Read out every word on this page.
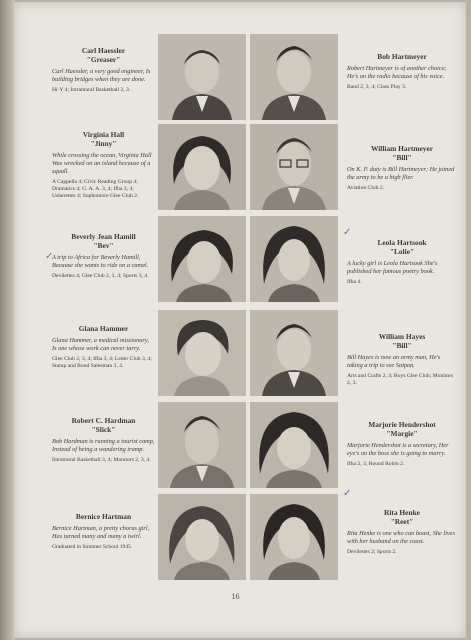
Carl Haessler

"Greaser"

Carl Haessler, a very good engineer, Is building bridges when they are done.

Hi-Y 4; Intramural Basketball 2, 3.

Virginia Hall

"Jinny"

While crossing the ocean, Virginia Hall Was wrecked on an island because of a squall.

A Cappella 4; Civic Reading Group 4; Dramatics 4; G. A. A. 3, 4; Ifha 3, 4; Usherettes 4; Sophomore Glee Club 2.

Beverly Jean Hamill

"Bev"

A trip to Africa for Beverly Hamill, Because she wants to ride on a camel.

Devilettes 4; Glee Club 2, 3, 4; Sports 3, 4.

Glana Hammer

Glana Hammer, a medical missionary, Is one whose work can never tarry.

Glee Club 2, 3, 4; Ifha 3, 4; Letter Club 3, 4; Stamp and Bond Salesman 3, 4.

Robert C. Hardman

"Slick"

Bob Hardman is running a tourist camp, Instead of being a wandering tramp.

Intramural Basketball 3, 4; Monitors 2, 3, 4.

Bernice Hartman

Bernice Hartman, a pretty chorus girl, Has turned many and many a twirl.

Graduated in Summer School 1945.

Bob Hartmeyer

Robert Hartmeyer is of another choice; He's on the radio because of his voice.

Band 2, 3, 4; Class Play 3.

William Hartmeyer

"Bill"

On K. P. duty is Bill Hartmeyer; He joined the army to be a high flier.

Aviation Club 2.

Leola Hartsook

"Lolie"

A lucky girl is Leola Hartsook She's published her famous poetry book.

Ifha 4.

William Hayes

"Bill"

Bill Hayes is now an army man, He's taking a trip to see Saipan.

Arts and Crafts 2, 3; Boys Glee Club; Monitors 2, 3.

Marjorie Hendershot

"Margie"

Marjorie Hendershot is a secretary, Her eye's on the boss she is going to marry.

Ifha 2, 3; Round Robin 2.

Rita Henke

"Reet"

Rita Henke is one who can boast, She lives with her husband on the coast.

Devilettes 2; Sports 2.

✓
✓
✓
16
